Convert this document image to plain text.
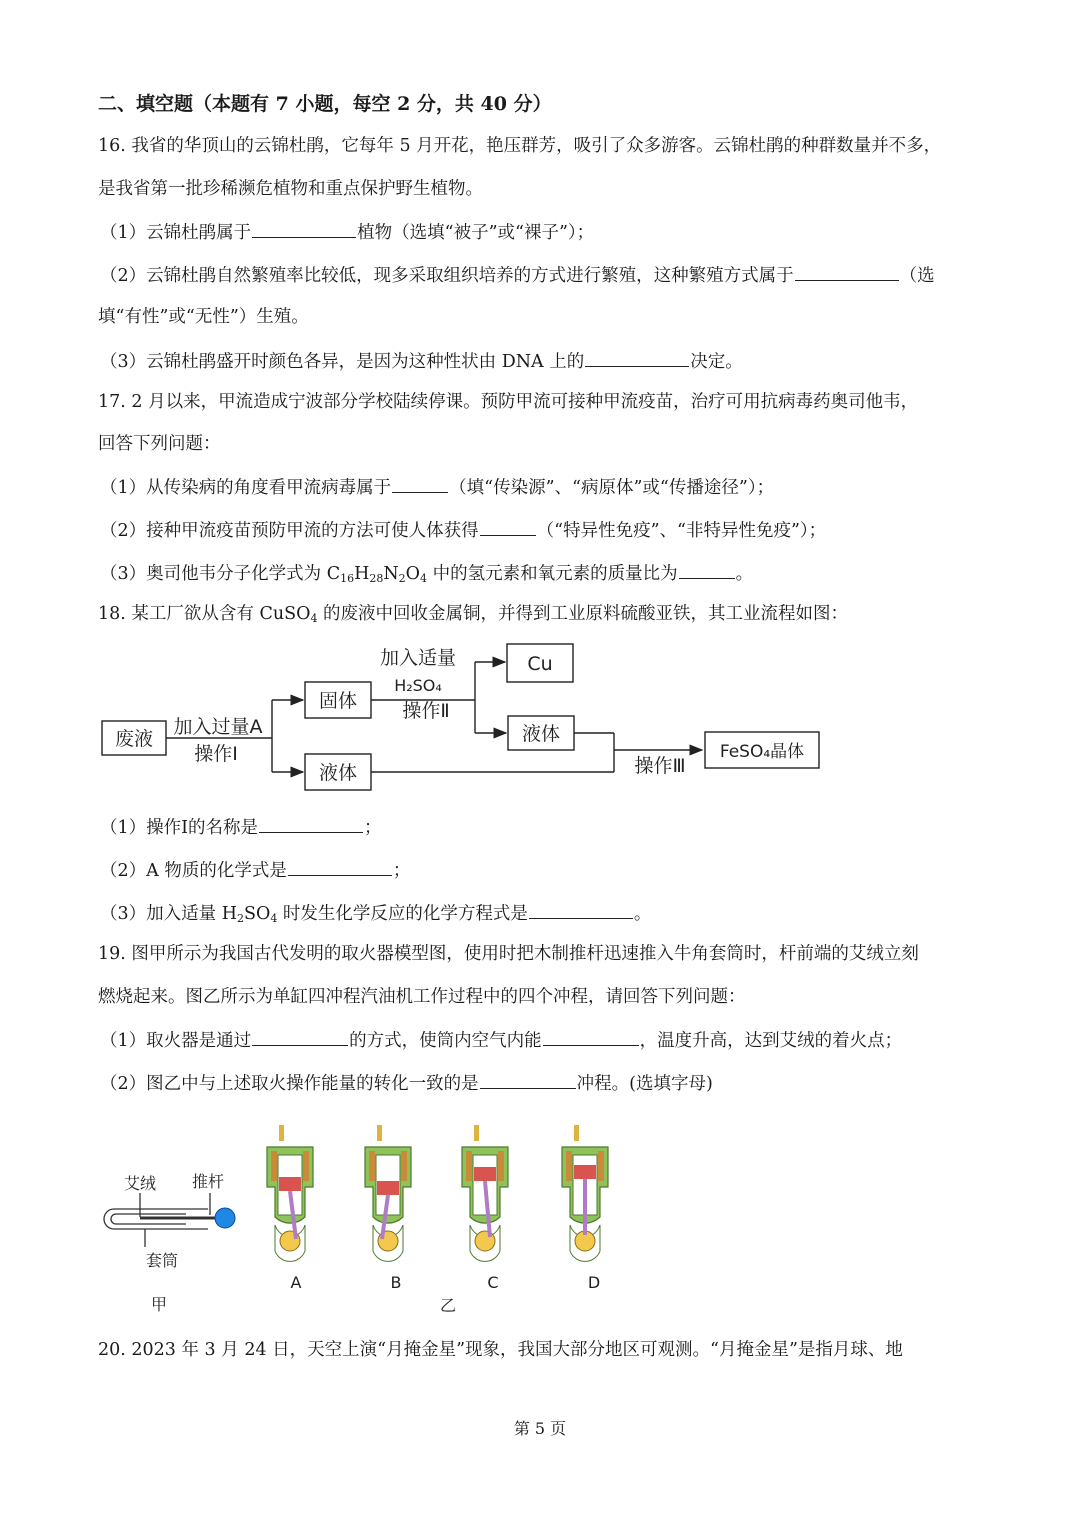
二、填空题（本题有 7 小题，每空 2 分，共 40 分）
16. 我省的华顶山的云锦杜鹃，它每年 5 月开花，艳压群芳，吸引了众多游客。云锦杜鹃的种群数量并不多，
是我省第一批珍稀濒危植物和重点保护野生植物。
（1）云锦杜鹃属于	植物（选填“被子”或“裸子”）；
（2）云锦杜鹃自然繁殖率比较低，现多采取组织培养的方式进行繁殖，这种繁殖方式属于	（选
填“有性”或“无性”）生殖。
（3）云锦杜鹃盛开时颜色各异，是因为这种性状由 DNA 上的	决定。
17. 2 月以来，甲流造成宁波部分学校陆续停课。预防甲流可接种甲流疫苗，治疗可用抗病毒药奥司他韦，
回答下列问题：
（1）从传染病的角度看甲流病毒属于	（填“传染源”、“病原体”或“传播途径”）；
（2）接种甲流疫苗预防甲流的方法可使人体获得	（“特异性免疫”、“非特异性免疫”）；
（3）奥司他韦分子化学式为 $C_{16}H_{28}N_2O_4$ 中的氢元素和氧元素的质量比为	。
18. 某工厂欲从含有 CuSO$_4$ 的废液中回收金属铜，并得到工业原料硫酸亚铁，其工业流程如图：
废液
固体
液体
Cu
液体
FeSO₄晶体
加入过量A
操作Ⅰ
加入适量
H₂SO₄
操作Ⅱ
操作Ⅲ
（1）操作Ⅰ的名称是	；
（2）A 物质的化学式是	；
（3）加入适量 $H_2SO_4$ 时发生化学反应的化学方程式是	。
19. 图甲所示为我国古代发明的取火器模型图，使用时把木制推杆迅速推入牛角套筒时，杆前端的艾绒立刻
燃烧起来。图乙所示为单缸四冲程汽油机工作过程中的四个冲程，请回答下列问题：
（1）取火器是通过	的方式，使筒内空气内能	，温度升高，达到艾绒的着火点；
（2）图乙中与上述取火操作能量的转化一致的是	冲程。(选填字母)
艾绒 推杆
套筒
甲
A	B	C	D
乙
20. 2023 年 3 月 24 日，天空上演“月掩金星”现象，我国大部分地区可观测。“月掩金星”是指月球、地
第 5 页
